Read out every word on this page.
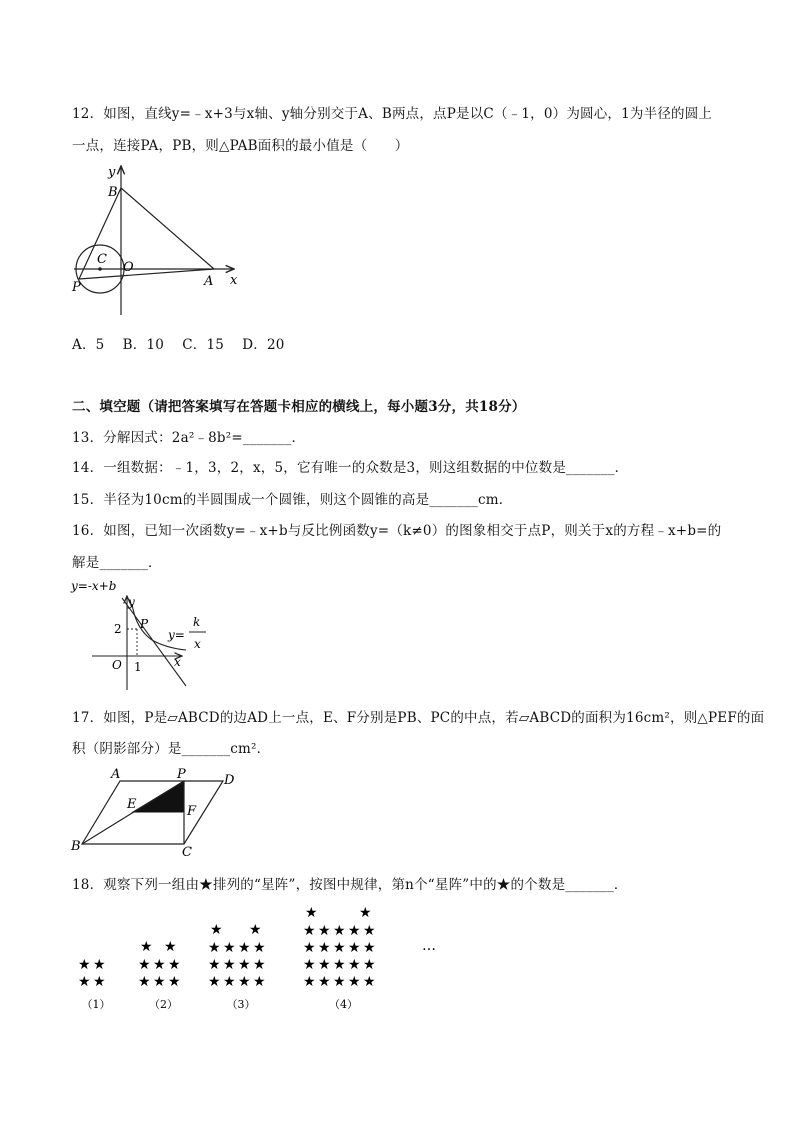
12．如图，直线y=﹣x+3与x轴、y轴分别交于A、B两点，点P是以C（﹣1，0）为圆心，1为半径的圆上
一点，连接PA，PB，则△PAB面积的最小值是（　　）
y
B
C
O
A x
P
A．5　 B．10　 C．15　 D．20
二、填空题（请把答案填写在答题卡相应的横线上，每小题3分，共18分）
13．分解因式：2a²﹣8b²=_______．
14．一组数据：﹣1，3，2，x，5，它有唯一的众数是3，则这组数据的中位数是_______．
15．半径为10cm的半圆围成一个圆锥，则这个圆锥的高是_______cm．
16．如图，已知一次函数y=﹣x+b与反比例函数y=（k≠0）的图象相交于点P，则关于x的方程﹣x+b=的
解是_______．
y=-x+b
y
2 P
y=
k
x
O 1	x
17．如图，P是▱ABCD的边AD上一点，E、F分别是PB、PC的中点，若▱ABCD的面积为16cm²，则△PEF的面
积（阴影部分）是_______cm²．
A	P	D
E	F
B	C
18．观察下列一组由★排列的“星阵”，按图中规律，第n个“星阵”中的★的个数是_______．
★ ★
★ ★
（1）
★ ★ ★
★ ★ ★
★ ★
（2）
★ ★ ★ ★
★ ★ ★ ★
★ ★ ★ ★
★ ★
（3）
★ ★ ★ ★ ★
★ ★ ★ ★ ★
★ ★ ★ ★ ★
★ ★ ★ ★ ★
★	★
（4）
…
